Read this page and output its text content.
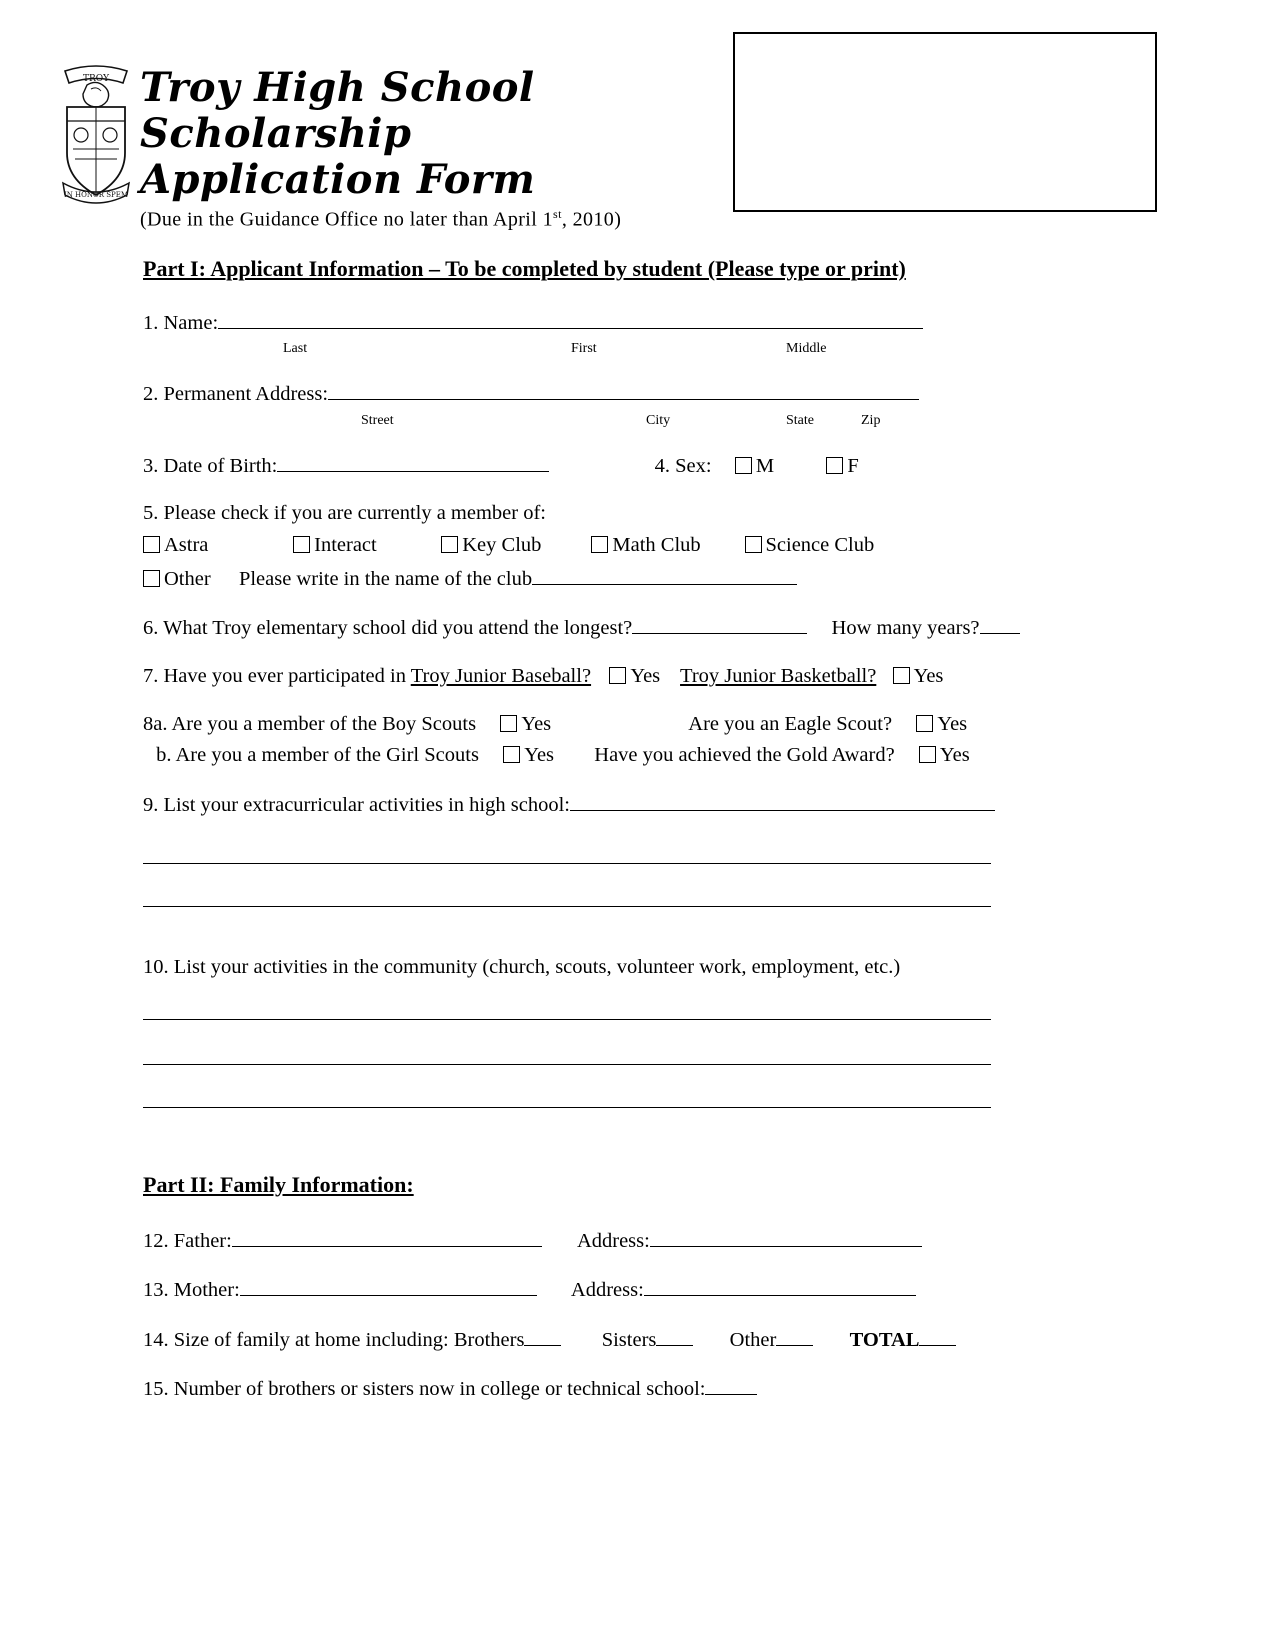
TROY
IN HONOR SPEM
Troy High School Scholarship
Application Form
(Due in the Guidance Office no later than April 1st, 2010)
Part I: Applicant Information – To be completed by student (Please type or print)
1. Name:
Last	First	Middle
2. Permanent Address:
Street	City	State	Zip
3. Date of Birth:	4. Sex: M	F
5. Please check if you are currently a member of:
Astra	Interact	Key Club	Math Club	Science Club
Other Please write in the name of the club
6. What Troy elementary school did you attend the longest?	How many years?
7. Have you ever participated in Troy Junior Baseball? Yes Troy Junior Basketball? Yes
8a. Are you a member of the Boy Scouts Yes	Are you an Eagle Scout? Yes
b. Are you a member of the Girl Scouts Yes Have you achieved the Gold Award? Yes
9. List your extracurricular activities in high school:
10. List your activities in the community (church, scouts, volunteer work, employment, etc.)
Part II: Family Information:
12. Father:	Address:
13. Mother:	Address:
14. Size of family at home including: Brothers	Sisters	Other	TOTAL
15. Number of brothers or sisters now in college or technical school:
